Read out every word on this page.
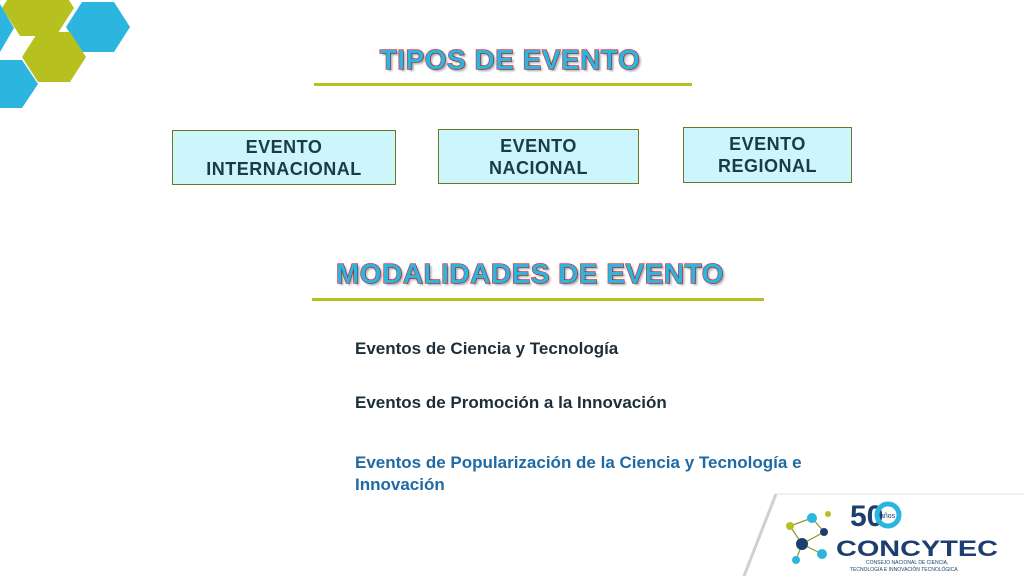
TIPOS DE EVENTO
EVENTO
INTERNACIONAL
EVENTO
NACIONAL
EVENTO
REGIONAL
MODALIDADES DE EVENTO
Eventos de Ciencia y Tecnología
Eventos de Promoción a la Innovación
Eventos de Popularización de la Ciencia y Tecnología e Innovación
50
años
CONCYTEC
CONSEJO NACIONAL DE CIENCIA,
TECNOLOGÍA E INNOVACIÓN TECNOLÓGICA
